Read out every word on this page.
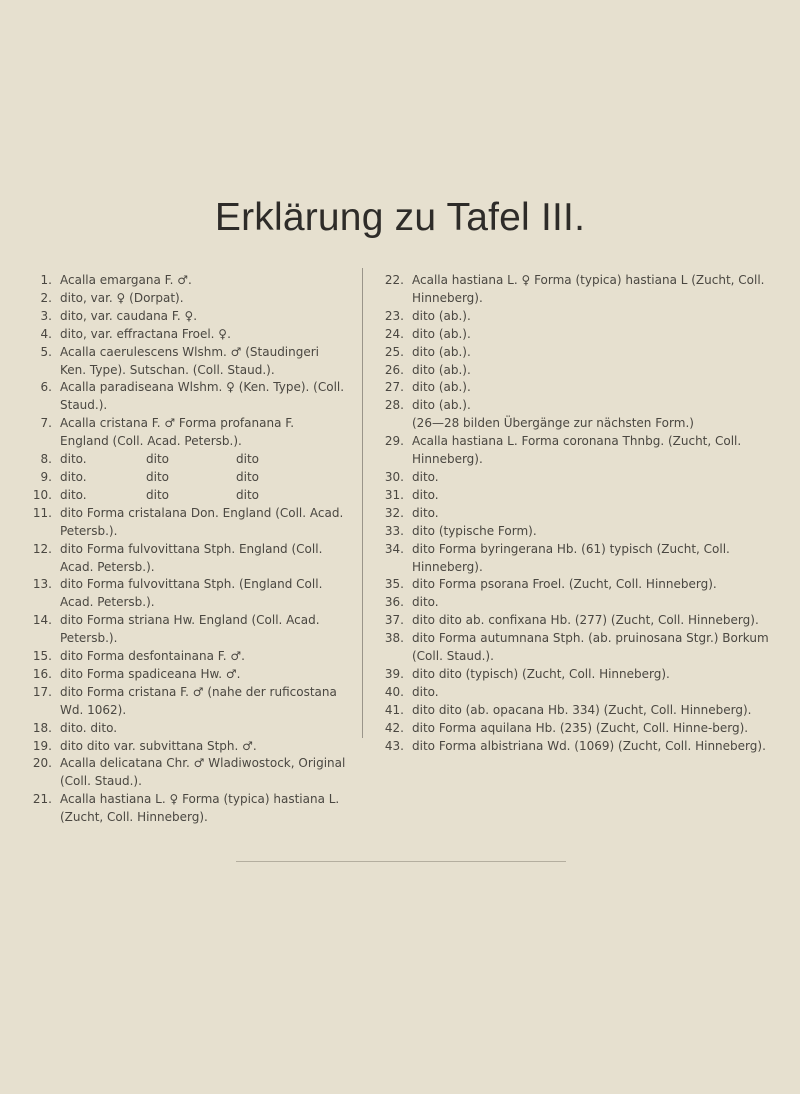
Erklärung zu Tafel III.
1. Acalla emargana F. ♂.
2. dito, var. ♀ (Dorpat).
3. dito, var. caudana F. ♀.
4. dito, var. effractana Froel. ♀.
5. Acalla caerulescens Wlshm. ♂ (Staudingeri Ken. Type). Sutschan. (Coll. Staud.).
6. Acalla paradiseana Wlshm. ♀ (Ken. Type). (Coll. Staud.).
7. Acalla cristana F. ♂ Forma profanana F. England (Coll. Acad. Petersb.).
8. dito.	dito	dito
9. dito.	dito	dito
10. dito.	dito	dito
11. dito Forma cristalana Don. England (Coll. Acad. Petersb.).
12. dito Forma fulvovittana Stph. England (Coll. Acad. Petersb.).
13. dito Forma fulvovittana Stph. (England Coll. Acad. Petersb.).
14. dito Forma striana Hw. England (Coll. Acad. Petersb.).
15. dito Forma desfontainana F. ♂.
16. dito Forma spadiceana Hw. ♂.
17. dito Forma cristana F. ♂ (nahe der ruficostana Wd. 1062).
18. dito. dito.
19. dito dito var. subvittana Stph. ♂.
20. Acalla delicatana Chr. ♂ Wladiwostock, Original (Coll. Staud.).
21. Acalla hastiana L. ♀ Forma (typica) hastiana L. (Zucht, Coll. Hinneberg).
22. Acalla hastiana L. ♀ Forma (typica) hastiana L (Zucht, Coll. Hinneberg).
23. dito (ab.).
24. dito (ab.).
25. dito (ab.).
26. dito (ab.).
27. dito (ab.).
28. dito (ab.).
(26—28 bilden Übergänge zur nächsten Form.)
29. Acalla hastiana L. Forma coronana Thnbg. (Zucht, Coll. Hinneberg).
30. dito.
31. dito.
32. dito.
33. dito (typische Form).
34. dito Forma byringerana Hb. (61) typisch (Zucht, Coll. Hinneberg).
35. dito Forma psorana Froel. (Zucht, Coll. Hinneberg).
36. dito.
37. dito dito ab. confixana Hb. (277) (Zucht, Coll. Hinneberg).
38. dito Forma autumnana Stph. (ab. pruinosana Stgr.) Borkum (Coll. Staud.).
39. dito dito (typisch) (Zucht, Coll. Hinneberg).
40. dito.
41. dito dito (ab. opacana Hb. 334) (Zucht, Coll. Hinneberg).
42. dito Forma aquilana Hb. (235) (Zucht, Coll. Hinne-berg).
43. dito Forma albistriana Wd. (1069) (Zucht, Coll. Hinneberg).
